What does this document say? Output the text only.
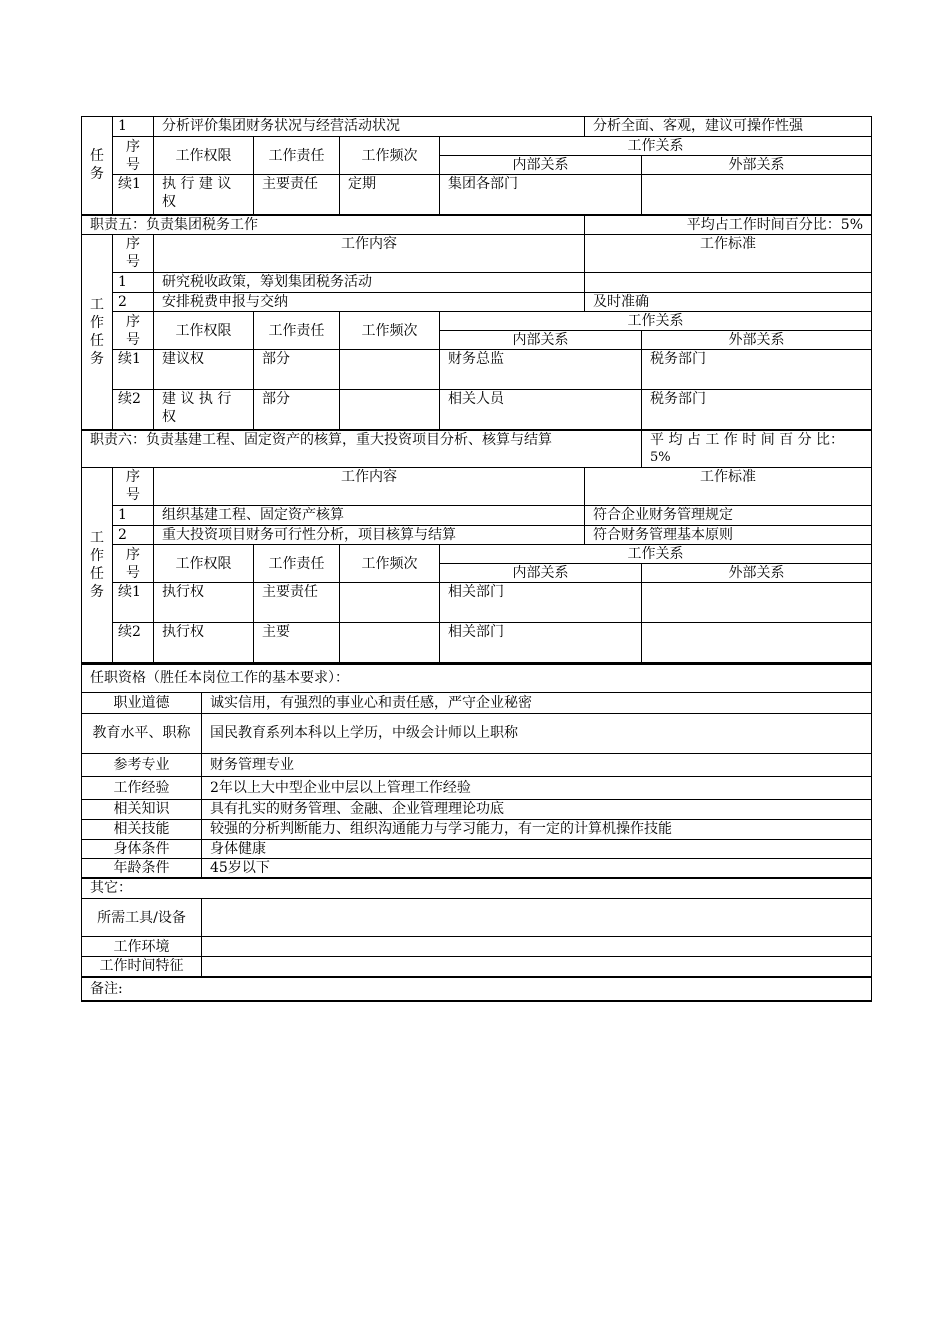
任务	1	分析评价集团财务状况与经营活动状况				分析全面、客观，建议可操作性强	
	序号	工作权限	工作责任	工作频次	工作关系		
					内部关系		外部关系
	续1	执 行 建 议 权	主要责任	定期	集团各部门		
职责五：负责集团税务工作						平均占工作时间百分比：5%	
工作任务	序号	工作内容				工作标准	
	1	研究税收政策，筹划集团税务活动					
	2	安排税费申报与交纳				及时准确	
	序号	工作权限	工作责任	工作频次	工作关系		
					内部关系		外部关系
	续1	建议权	部分		财务总监		税务部门
	续2	建 议 执 行 权	部分		相关人员		税务部门
职责六：负责基建工程、固定资产的核算，重大投资项目分析、核算与结算							平 均 占 工 作 时 间 百 分 比：
5%

工作任务	序号	工作内容				工作标准	
	1	组织基建工程、固定资产核算				符合企业财务管理规定	
	2	重大投资项目财务可行性分析，项目核算与结算				符合财务管理基本原则	
	序号	工作权限	工作责任	工作频次	工作关系		
					内部关系		外部关系
	续1	执行权	主要责任		相关部门		
	续2	执行权	主要		相关部门		
任职资格（胜任本岗位工作的基本要求）：	
职业道德	诚实信用，有强烈的事业心和责任感，严守企业秘密
教育水平、职称	国民教育系列本科以上学历，中级会计师以上职称
参考专业	财务管理专业
工作经验	2年以上大中型企业中层以上管理工作经验
相关知识	具有扎实的财务管理、金融、企业管理理论功底
相关技能	较强的分析判断能力、组织沟通能力与学习能力，有一定的计算机操作技能
身体条件	身体健康
年龄条件	45岁以下
其它：	
所需工具/设备	
工作环境	
工作时间特征	
备注:	
